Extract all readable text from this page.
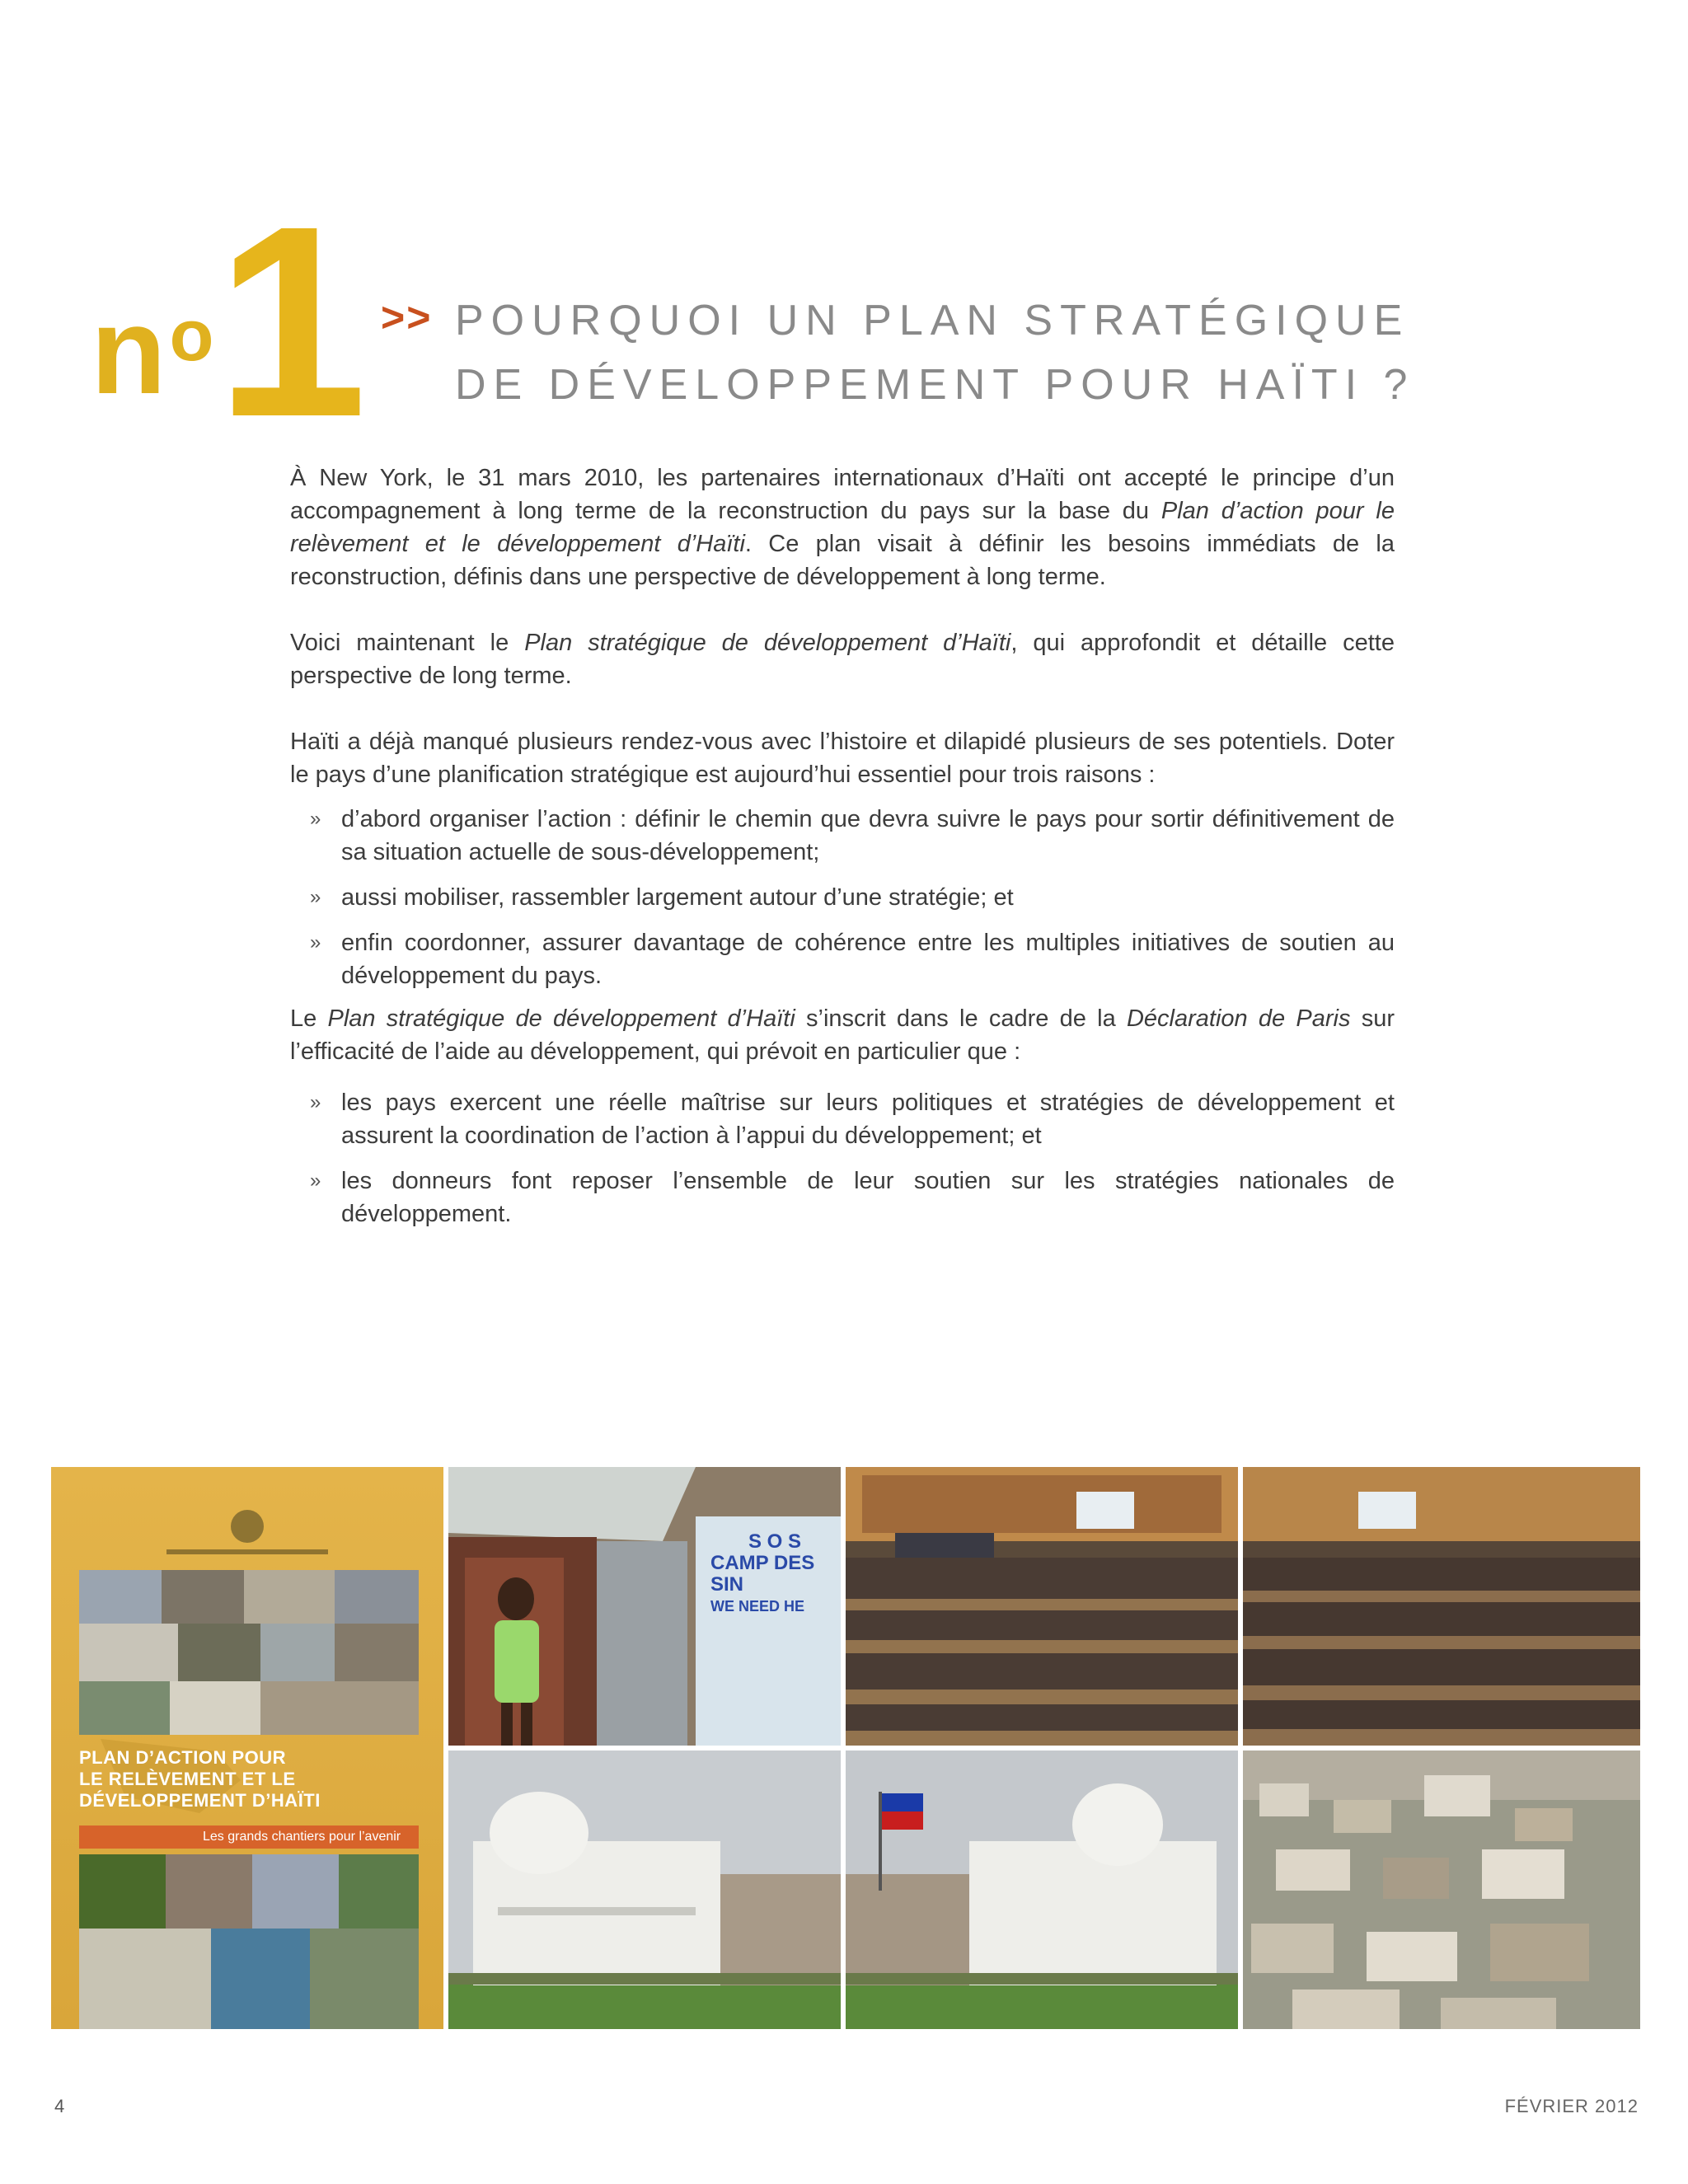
$n^o$ 1 >> POURQUOI UN PLAN STRATÉGIQUE
DE DÉVELOPPEMENT POUR HAÏTI ?

À New York, le 31 mars 2010, les partenaires internationaux d’Haïti ont accepté le principe d’un accompagnement à long terme de la reconstruction du pays sur la base du Plan d’action pour le relèvement et le développement d’Haïti. Ce plan visait à définir les besoins immédiats de la reconstruction, définis dans une perspective de développement à long terme.

Voici maintenant le Plan stratégique de développement d’Haïti, qui approfondit et détaille cette perspective de long terme.

Haïti a déjà manqué plusieurs rendez-vous avec l’histoire et dilapidé plusieurs de ses potentiels. Doter le pays d’une planification stratégique est aujourd’hui essentiel pour trois raisons :

» d’abord organiser l’action : définir le chemin que devra suivre le pays pour sortir définitivement de sa situation actuelle de sous-développement;
» aussi mobiliser, rassembler largement autour d’une stratégie; et
» enfin coordonner, assurer davantage de cohérence entre les multiples initiatives de soutien au développement du pays.

Le Plan stratégique de développement d’Haïti s’inscrit dans le cadre de la Déclaration de Paris sur l’efficacité de l’aide au développement, qui prévoit en particulier que :

» les pays exercent une réelle maîtrise sur leurs politiques et stratégies de développement et assurent la coordination de l’action à l’appui du développement; et
» les donneurs font reposer l’ensemble de leur soutien sur les stratégies nationales de développement.
PLAN D’ACTION POUR
LE RELÈVEMENT ET LE
DÉVELOPPEMENT D’HAÏTI
Les grands chantiers pour l’avenir
S O S
CAMP DES SIN
WE NEED HE
4	FÉVRIER 2012
